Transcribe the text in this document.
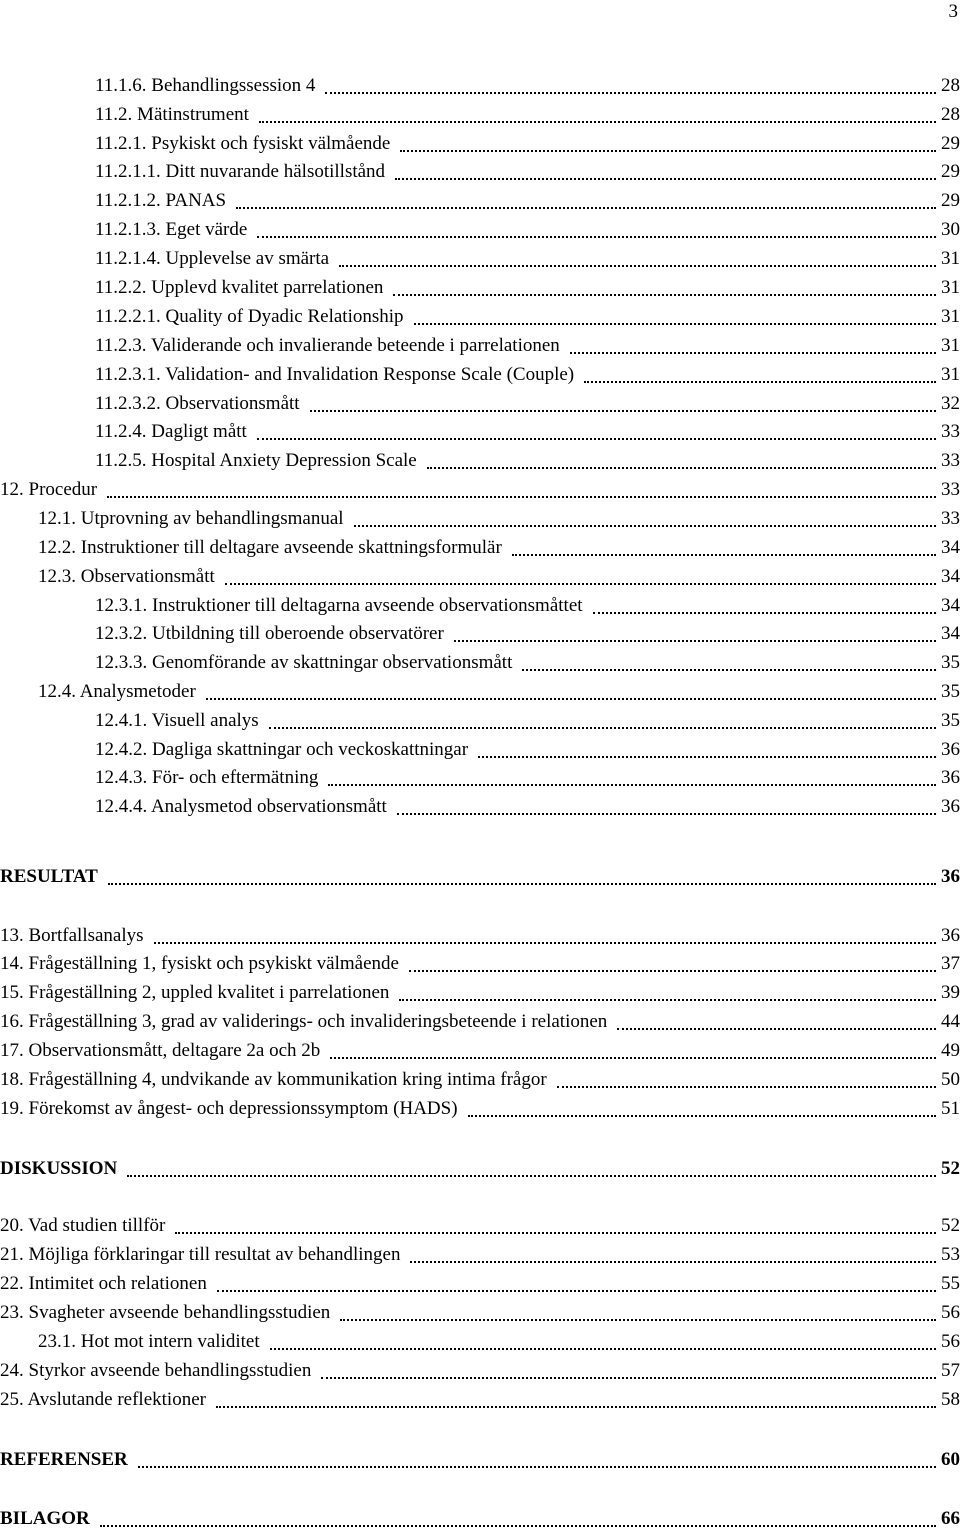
3
11.1.6. Behandlingssession 4	28
11.2. Mätinstrument	28
11.2.1. Psykiskt och fysiskt välmående	29
11.2.1.1. Ditt nuvarande hälsotillstånd	29
11.2.1.2. PANAS	29
11.2.1.3. Eget värde	30
11.2.1.4. Upplevelse av smärta	31
11.2.2. Upplevd kvalitet parrelationen	31
11.2.2.1. Quality of Dyadic Relationship	31
11.2.3. Validerande och invalierande beteende i parrelationen	31
11.2.3.1. Validation- and Invalidation Response Scale (Couple)	31
11.2.3.2. Observationsmått	32
11.2.4. Dagligt mått	33
11.2.5. Hospital Anxiety Depression Scale	33
12. Procedur	33
12.1. Utprovning av behandlingsmanual	33
12.2. Instruktioner till deltagare avseende skattningsformulär	34
12.3. Observationsmått	34
12.3.1. Instruktioner till deltagarna avseende observationsmåttet	34
12.3.2. Utbildning till oberoende observatörer	34
12.3.3. Genomförande av skattningar observationsmått	35
12.4. Analysmetoder	35
12.4.1. Visuell analys	35
12.4.2. Dagliga skattningar och veckoskattningar	36
12.4.3. För- och eftermätning	36
12.4.4. Analysmetod observationsmått	36
RESULTAT	36
13. Bortfallsanalys	36
14. Frågeställning 1, fysiskt och psykiskt välmående	37
15. Frågeställning 2, uppled kvalitet i parrelationen	39
16. Frågeställning 3, grad av validerings- och invalideringsbeteende i relationen	44
17. Observationsmått, deltagare 2a och 2b	49
18. Frågeställning 4, undvikande av kommunikation kring intima frågor	50
19. Förekomst av ångest- och depressionssymptom (HADS)	51
DISKUSSION	52
20. Vad studien tillför	52
21. Möjliga förklaringar till resultat av behandlingen	53
22. Intimitet och relationen	55
23. Svagheter avseende behandlingsstudien	56
23.1. Hot mot intern validitet	56
24. Styrkor avseende behandlingsstudien	57
25. Avslutande reflektioner	58
REFERENSER	60
BILAGOR	66
